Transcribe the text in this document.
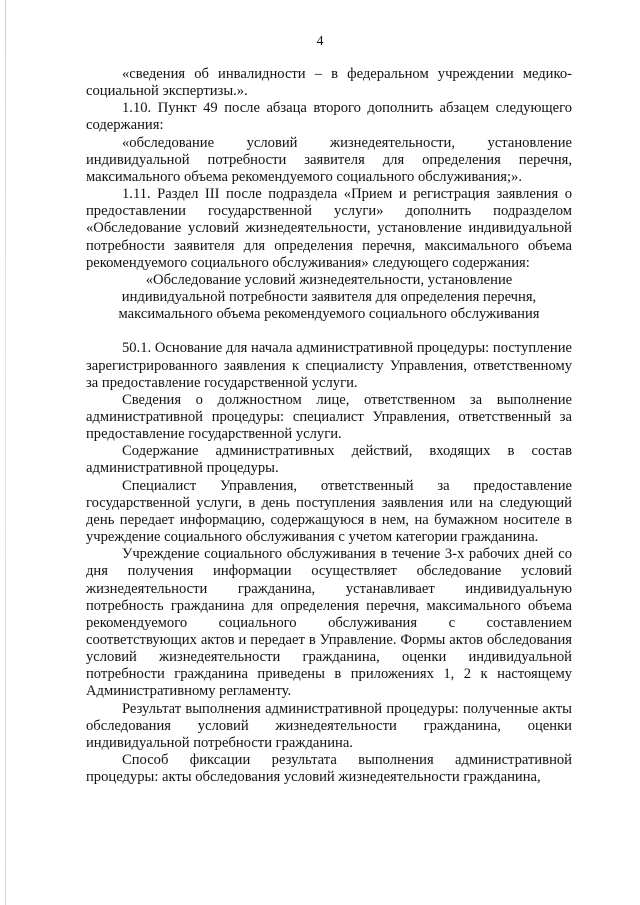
4

«сведения об инвалидности – в федеральном учреждении медико-социальной экспертизы.».

1.10. Пункт 49 после абзаца второго дополнить абзацем следующего содержания:

«обследование условий жизнедеятельности, установление индивидуальной потребности заявителя для определения перечня, максимального объема рекомендуемого социального обслуживания;».

1.11. Раздел III после подраздела «Прием и регистрация заявления о предоставлении государственной услуги» дополнить подразделом «Обследование условий жизнедеятельности, установление индивидуальной потребности заявителя для определения перечня, максимального объема рекомендуемого социального обслуживания» следующего содержания:

«Обследование условий жизнедеятельности, установление
индивидуальной потребности заявителя для определения перечня,
максимального объема рекомендуемого социального обслуживания

50.1. Основание для начала административной процедуры: поступление зарегистрированного заявления к специалисту Управления, ответственному за предоставление государственной услуги.

Сведения о должностном лице, ответственном за выполнение административной процедуры: специалист Управления, ответственный за предоставление государственной услуги.

Содержание административных действий, входящих в состав административной процедуры.

Специалист Управления, ответственный за предоставление государственной услуги, в день поступления заявления или на следующий день передает информацию, содержащуюся в нем, на бумажном носителе в учреждение социального обслуживания с учетом категории гражданина.

Учреждение социального обслуживания в течение 3-х рабочих дней со дня получения информации осуществляет обследование условий жизнедеятельности гражданина, устанавливает индивидуальную потребность гражданина для определения перечня, максимального объема рекомендуемого социального обслуживания с составлением соответствующих актов и передает в Управление. Формы актов обследования условий жизнедеятельности гражданина, оценки индивидуальной потребности гражданина приведены в приложениях 1, 2 к настоящему Административному регламенту.

Результат выполнения административной процедуры: полученные акты обследования условий жизнедеятельности гражданина, оценки индивидуальной потребности гражданина.

Способ фиксации результата выполнения административной процедуры: акты обследования условий жизнедеятельности гражданина,
